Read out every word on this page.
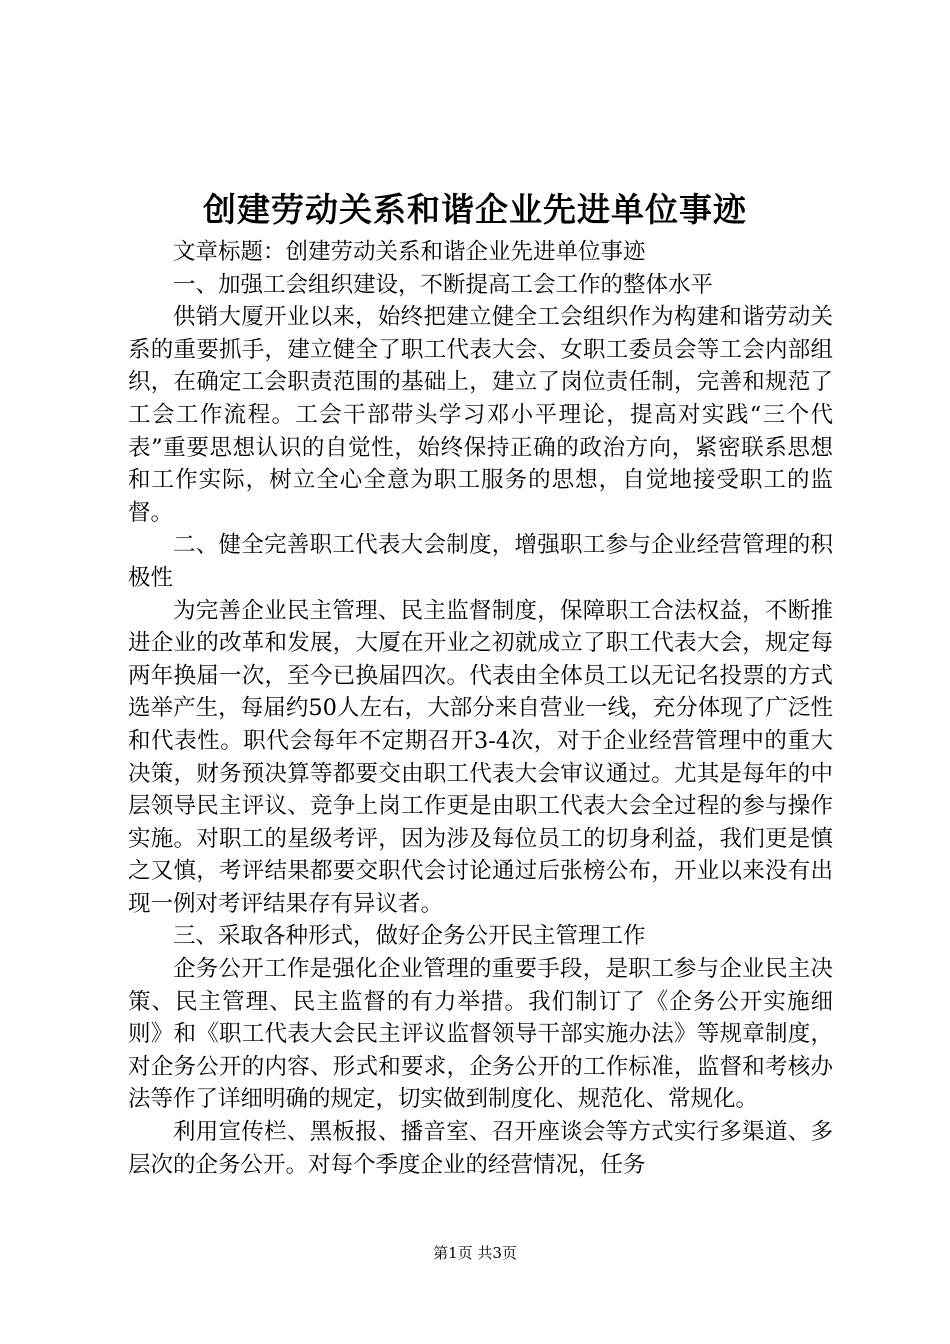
创建劳动关系和谐企业先进单位事迹

文章标题：创建劳动关系和谐企业先进单位事迹

一、加强工会组织建设，不断提高工会工作的整体水平

供销大厦开业以来，始终把建立健全工会组织作为构建和谐劳动关系的重要抓手，建立健全了职工代表大会、女职工委员会等工会内部组织，在确定工会职责范围的基础上，建立了岗位责任制，完善和规范了工会工作流程。工会干部带头学习邓小平理论，提高对实践“三个代表”重要思想认识的自觉性，始终保持正确的政治方向，紧密联系思想和工作实际，树立全心全意为职工服务的思想，自觉地接受职工的监督。

二、健全完善职工代表大会制度，增强职工参与企业经营管理的积极性

为完善企业民主管理、民主监督制度，保障职工合法权益，不断推进企业的改革和发展，大厦在开业之初就成立了职工代表大会，规定每两年换届一次，至今已换届四次。代表由全体员工以无记名投票的方式选举产生，每届约50人左右，大部分来自营业一线，充分体现了广泛性和代表性。职代会每年不定期召开3-4次，对于企业经营管理中的重大决策，财务预决算等都要交由职工代表大会审议通过。尤其是每年的中层领导民主评议、竞争上岗工作更是由职工代表大会全过程的参与操作实施。对职工的星级考评，因为涉及每位员工的切身利益，我们更是慎之又慎，考评结果都要交职代会讨论通过后张榜公布，开业以来没有出现一例对考评结果存有异议者。

三、采取各种形式，做好企务公开民主管理工作

企务公开工作是强化企业管理的重要手段，是职工参与企业民主决策、民主管理、民主监督的有力举措。我们制订了《企务公开实施细则》和《职工代表大会民主评议监督领导干部实施办法》等规章制度，对企务公开的内容、形式和要求，企务公开的工作标准，监督和考核办法等作了详细明确的规定，切实做到制度化、规范化、常规化。

利用宣传栏、黑板报、播音室、召开座谈会等方式实行多渠道、多层次的企务公开。对每个季度企业的经营情况，任务

第1页 共3页
